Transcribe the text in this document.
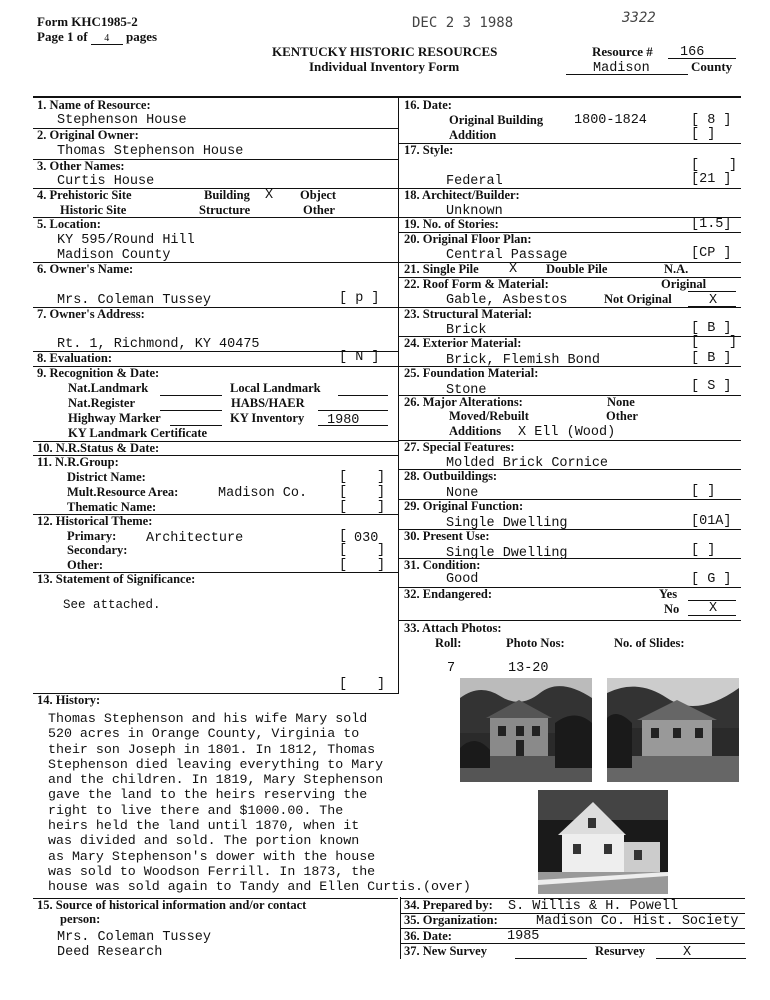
Form KHC1985-2
Page 1 of 4 pages
DEC 2 3 1988	3322
KENTUCKY HISTORIC RESOURCES
Individual Inventory Form
Resource # 166
Madison	County
1. Name of Resource:
Stephenson House
2. Original Owner:
Thomas Stephenson House
3. Other Names:
Curtis House
4. Prehistoric Site	Building X Object
Historic Site	Structure	Other
5. Location:
KY 595/Round Hill
Madison County
6. Owner's Name:
Mrs. Coleman Tussey	[ p ]
7. Owner's Address:
Rt. 1, Richmond, KY 40475
8. Evaluation:	[ N ]
9. Recognition & Date:
Nat.Landmark	Local Landmark
Nat.Register	HABS/HAER
Highway Marker	KY Inventory 1980
KY Landmark Certificate
10. N.R.Status & Date:
11. N.R.Group:
District Name:	[ ]
Mult.Resource Area:	Madison Co. [ ]
Thematic Name:	[ ]
12. Historical Theme:
Primary: Architecture	[ 030
Secondary:	[ ]
Other:	[ ]
13. Statement of Significance:
See attached.
[ ]
14. History:
Thomas Stephenson and his wife Mary sold
520 acres in Orange County, Virginia to
their son Joseph in 1801. In 1812, Thomas
Stephenson died leaving everything to Mary
and the children. In 1819, Mary Stephenson
gave the land to the heirs reserving the
right to live there and $1000.00. The
heirs held the land until 1870, when it
was divided and sold. The portion known
as Mary Stephenson's dower with the house
was sold to Woodson Ferrill. In 1873, the
house was sold again to Tandy and Ellen Curtis.(over)
16. Date:
Original Building 1800-1824	[ 8 ]
Addition	[ ]
17. Style:
[ ]
Federal	[21 ]
18. Architect/Builder:
Unknown
19. No. of Stories:	[1.5]
20. Original Floor Plan:
Central Passage	[CP ]
21. Single Pile X Double Pile	N.A.
22. Roof Form & Material:	Original
Gable, Asbestos	Not Original	X
23. Structural Material:
Brick	[ B ]
24. Exterior Material:	[ ]
Brick, Flemish Bond	[ B ]
25. Foundation Material:
Stone	[ S ]
26. Major Alterations:	None
Moved/Rebuilt	Other
Additions X Ell (Wood)
27. Special Features:
Molded Brick Cornice
28. Outbuildings:
None	[ ]
29. Original Function:
Single Dwelling	[01A]
30. Present Use:
Single Dwelling	[ ]
31. Condition:
Good	[ G ]
32. Endangered:	Yes
No X
33. Attach Photos:
Roll:	Photo Nos:	No. of Slides:
7	13-20
15. Source of historical information and/or contact
person:
Mrs. Coleman Tussey
Deed Research
34. Prepared by: S. Willis & H. Powell
35. Organization:	Madison Co. Hist. Society
36. Date:	1985
37. New Survey	Resurvey	X
